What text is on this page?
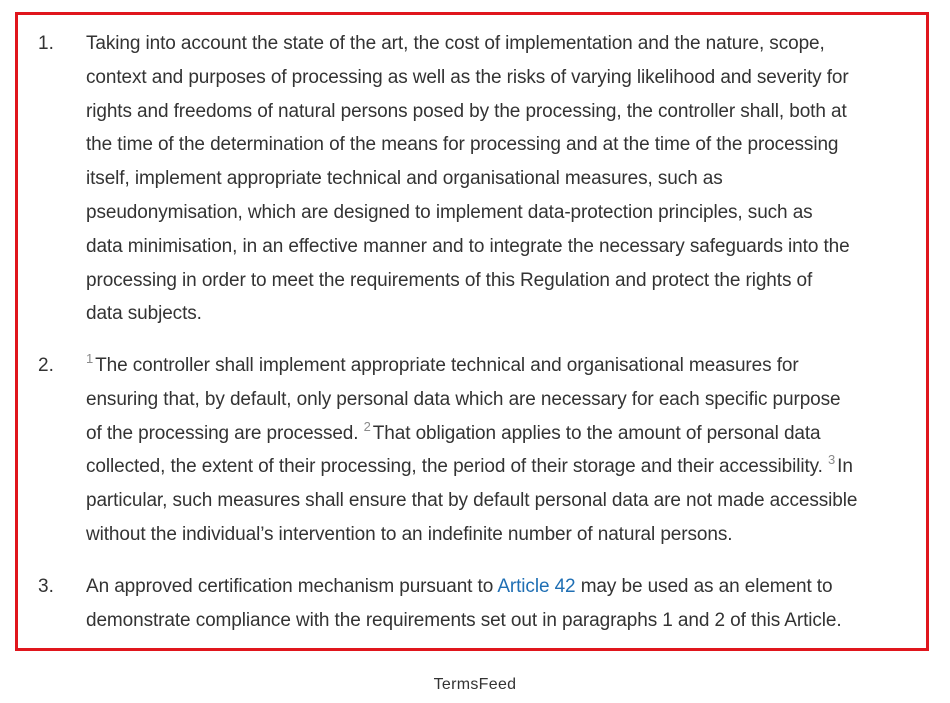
1. Taking into account the state of the art, the cost of implementation and the nature, scope,
context and purposes of processing as well as the risks of varying likelihood and severity for
rights and freedoms of natural persons posed by the processing, the controller shall, both at
the time of the determination of the means for processing and at the time of the processing
itself, implement appropriate technical and organisational measures, such as
pseudonymisation, which are designed to implement data-protection principles, such as
data minimisation, in an effective manner and to integrate the necessary safeguards into the
processing in order to meet the requirements of this Regulation and protect the rights of
data subjects.
2. $^1$ The controller shall implement appropriate technical and organisational measures for
ensuring that, by default, only personal data which are necessary for each specific purpose
of the processing are processed. $^2$ That obligation applies to the amount of personal data
collected, the extent of their processing, the period of their storage and their accessibility. $^3$ In
particular, such measures shall ensure that by default personal data are not made accessible
without the individual’s intervention to an indefinite number of natural persons.
3. An approved certification mechanism pursuant to Article 42 may be used as an element to
demonstrate compliance with the requirements set out in paragraphs 1 and 2 of this Article.
TermsFeed
